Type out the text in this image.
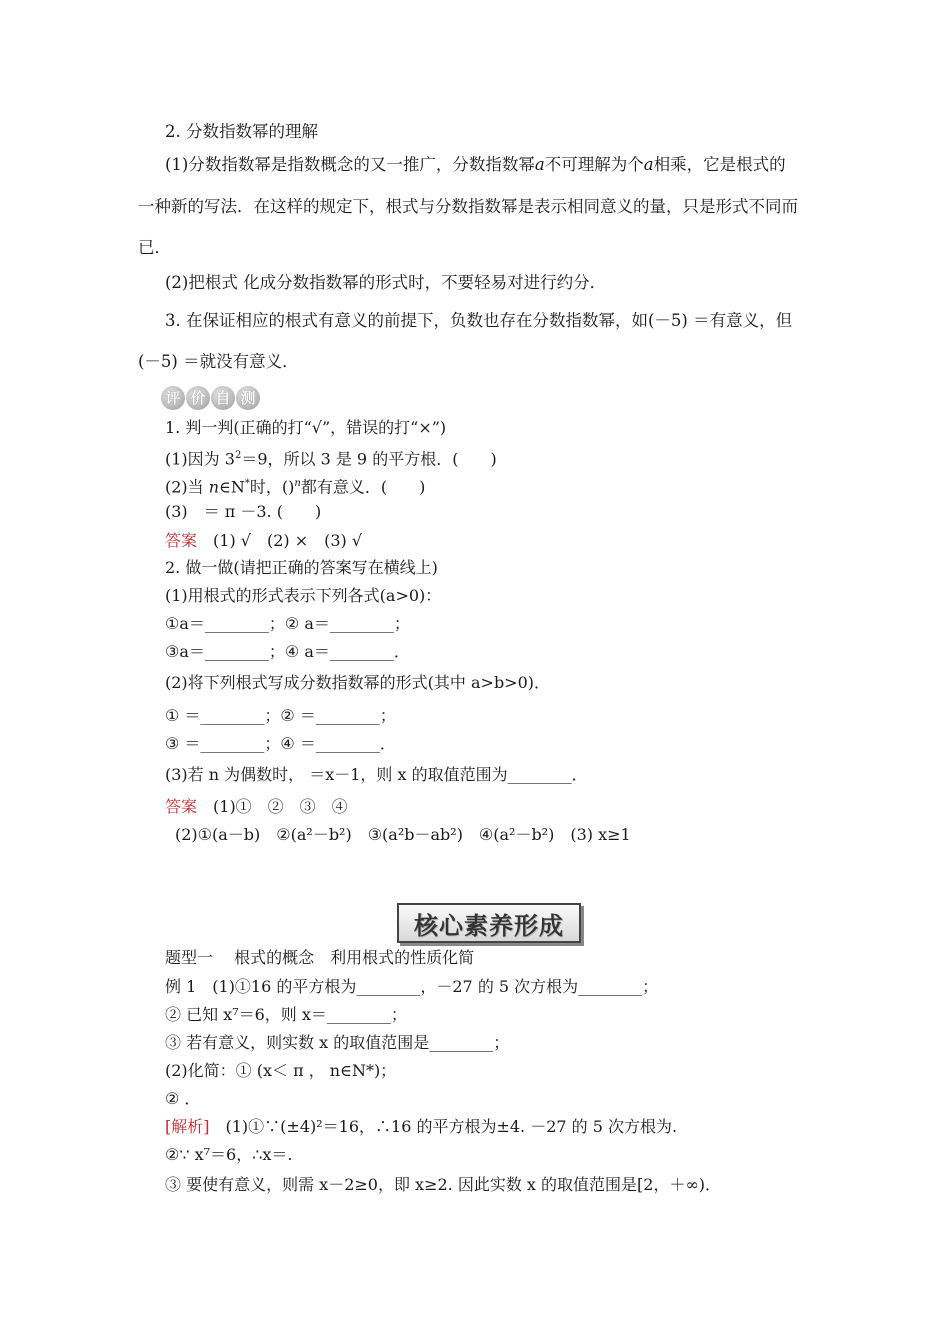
2. 分数指数幂的理解
(1)分数指数幂是指数概念的又一推广，分数指数幂a不可理解为个a相乘，它是根式的
一种新的写法．在这样的规定下，根式与分数指数幂是表示相同意义的量，只是形式不同而
已．
(2)把根式 化成分数指数幂的形式时，不要轻易对进行约分．
3. 在保证相应的根式有意义的前提下，负数也存在分数指数幂，如(－5) ＝有意义，但
(－5) ＝就没有意义．
评 价 自 测
1. 判一判(正确的打“√”，错误的打“×”)
(1)因为 $3^2=9$，所以 3 是 9 的平方根．(　　)
(2)当 n∈N*时，()$^n$都有意义．(　　)
(3)　＝ π －3. (　　)
答案　(1) √　(2) ×　(3) √
2. 做一做(请把正确的答案写在横线上)
(1)用根式的形式表示下列各式(a>0)：
①a＝________；② a＝________；
③a＝________；④ a＝________．
(2)将下列根式写成分数指数幂的形式(其中 a>b>0)．
① ＝________；② ＝________；
③ ＝________；④ ＝________．
(3)若 n 为偶数时， ＝x－1，则 x 的取值范围为________．
答案　(1)①　②　③　④
(2)①(a－b)　②(a²－b²)　③(a²b－ab²)　④(a²－b²)　(3) x≥1
核心素养形成
题型一　 根式的概念　利用根式的性质化简
例 1　(1)①16 的平方根为________，－27 的 5 次方根为________；
② 已知 x⁷＝6，则 x＝________；
③ 若有意义，则实数 x 的取值范围是________；
(2)化简：① (x＜ π ， n∈N*)；
② ．
[解析]　(1)①∵(±4)²＝16，∴16 的平方根为±4. －27 的 5 次方根为.
②∵ x⁷＝6，∴x＝.
③ 要使有意义，则需 x－2≥0，即 x≥2. 因此实数 x 的取值范围是[2，＋∞)．
